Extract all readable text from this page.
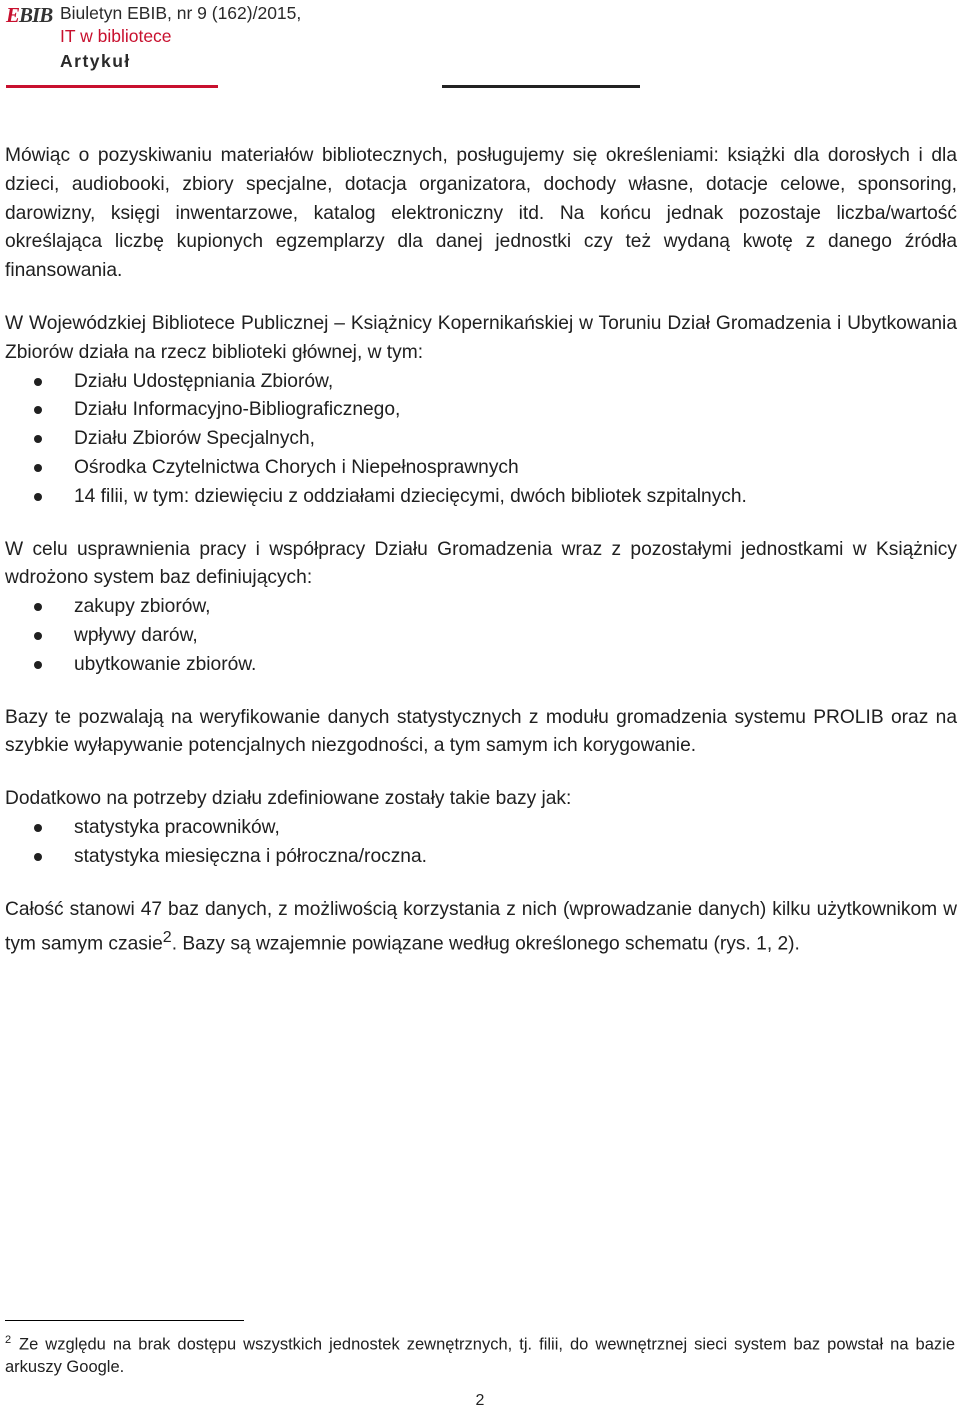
EBIB Biuletyn EBIB, nr 9 (162)/2015,
IT w bibliotece
Artykuł

Mówiąc o pozyskiwaniu materiałów bibliotecznych, posługujemy się określeniami: książki dla dorosłych i dla dzieci, audiobooki, zbiory specjalne, dotacja organizatora, dochody własne, dotacje celowe, sponsoring, darowizny, księgi inwentarzowe, katalog elektroniczny itd. Na końcu jednak pozostaje liczba/wartość określająca liczbę kupionych egzemplarzy dla danej jednostki czy też wydaną kwotę z danego źródła finansowania.

W Wojewódzkiej Bibliotece Publicznej – Książnicy Kopernikańskiej w Toruniu Dział Gromadzenia i Ubytkowania Zbiorów działa na rzecz biblioteki głównej, w tym:

Działu Udostępniania Zbiorów,
Działu Informacyjno-Bibliograficznego,
Działu Zbiorów Specjalnych,
Ośrodka Czytelnictwa Chorych i Niepełnosprawnych
14 filii, w tym: dziewięciu z oddziałami dziecięcymi, dwóch bibliotek szpitalnych.

W celu usprawnienia pracy i współpracy Działu Gromadzenia wraz z pozostałymi jednostkami w Książnicy wdrożono system baz definiujących:

zakupy zbiorów,
wpływy darów,
ubytkowanie zbiorów.

Bazy te pozwalają na weryfikowanie danych statystycznych z modułu gromadzenia systemu PROLIB oraz na szybkie wyłapywanie potencjalnych niezgodności, a tym samym ich korygowanie.

Dodatkowo na potrzeby działu zdefiniowane zostały takie bazy jak:

statystyka pracowników,
statystyka miesięczna i półroczna/roczna.

Całość stanowi 47 baz danych, z możliwością korzystania z nich (wprowadzanie danych) kilku użytkownikom w tym samym czasie$^2$. Bazy są wzajemnie powiązane według określonego schematu (rys. 1, 2).

$^2$ Ze względu na brak dostępu wszystkich jednostek zewnętrznych, tj. filii, do wewnętrznej sieci system baz powstał na bazie arkuszy Google.
2
